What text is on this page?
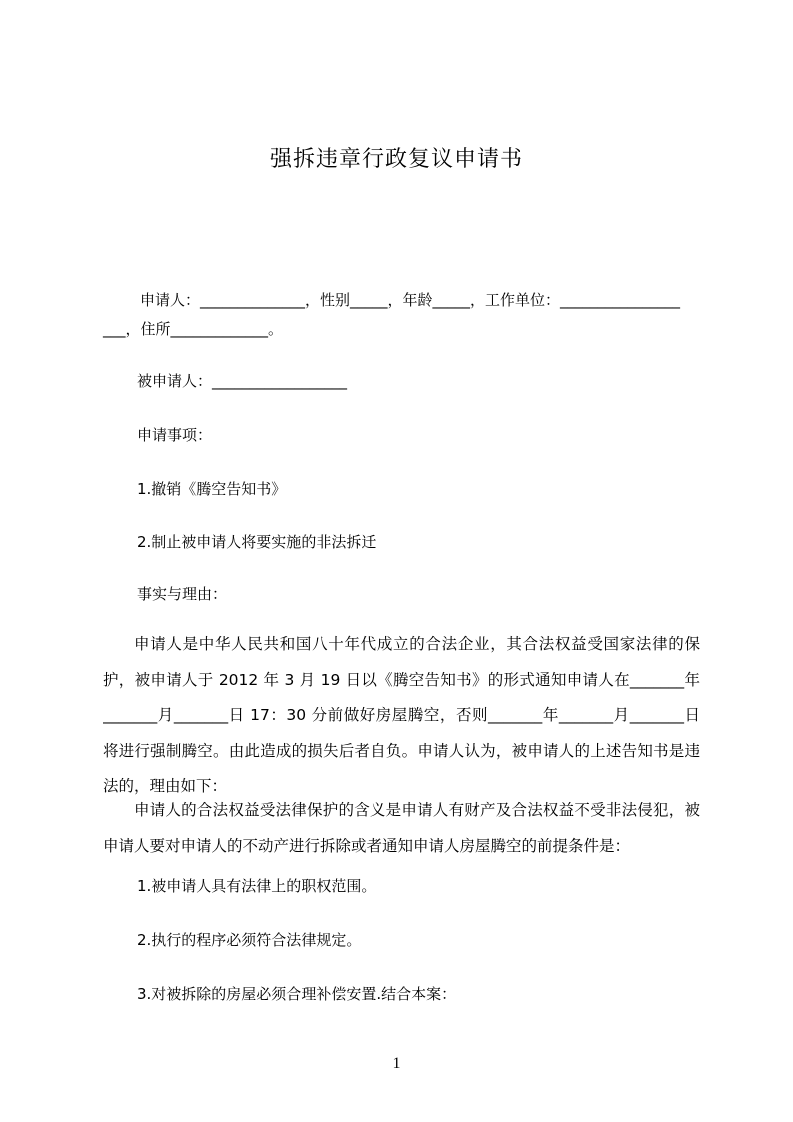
强拆违章行政复议申请书
申请人：______________，性别_____，年龄_____，工作单位：________________
___，住所_____________。
被申请人：__________________
申请事项：
1.撤销《腾空告知书》
2.制止被申请人将要实施的非法拆迁
事实与理由：

申请人是中华人民共和国八十年代成立的合法企业，其合法权益受国家法律的保护，被申请人于 2012 年 3 月 19 日以《腾空告知书》的形式通知申请人在_______年_______月_______日 17：30 分前做好房屋腾空，否则_______年_______月_______日将进行强制腾空。由此造成的损失后者自负。申请人认为，被申请人的上述告知书是违法的，理由如下：

申请人的合法权益受法律保护的含义是申请人有财产及合法权益不受非法侵犯，被申请人要对申请人的不动产进行拆除或者通知申请人房屋腾空的前提条件是：

1.被申请人具有法律上的职权范围。
2.执行的程序必须符合法律规定。
3.对被拆除的房屋必须合理补偿安置.结合本案：
1
